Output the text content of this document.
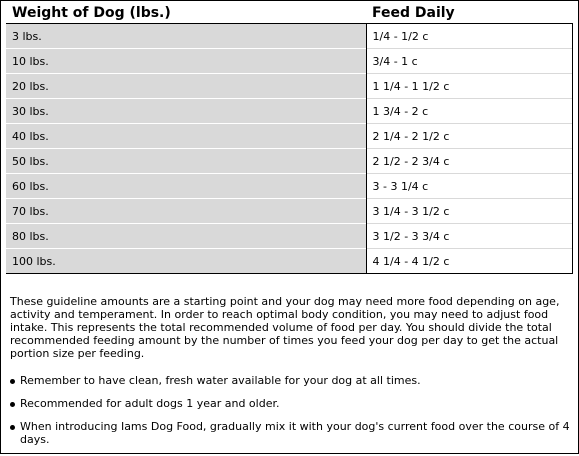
Weight of Dog (lbs.)	Feed Daily
3 lbs.	1/4 - 1/2 c
10 lbs.	3/4 - 1 c
20 lbs.	1 1/4 - 1 1/2 c
30 lbs.	1 3/4 - 2 c
40 lbs.	2 1/4 - 2 1/2 c
50 lbs.	2 1/2 - 2 3/4 c
60 lbs.	3 - 3 1/4 c
70 lbs.	3 1/4 - 3 1/2 c
80 lbs.	3 1/2 - 3 3/4 c
100 lbs.	4 1/4 - 4 1/2 c

These guideline amounts are a starting point and your dog may need more food depending on age, activity and temperament. In order to reach optimal body condition, you may need to adjust food intake. This represents the total recommended volume of food per day. You should divide the total recommended feeding amount by the number of times you feed your dog per day to get the actual portion size per feeding.

Remember to have clean, fresh water available for your dog at all times.
Recommended for adult dogs 1 year and older.
When introducing Iams Dog Food, gradually mix it with your dog's current food over the course of 4 days.
